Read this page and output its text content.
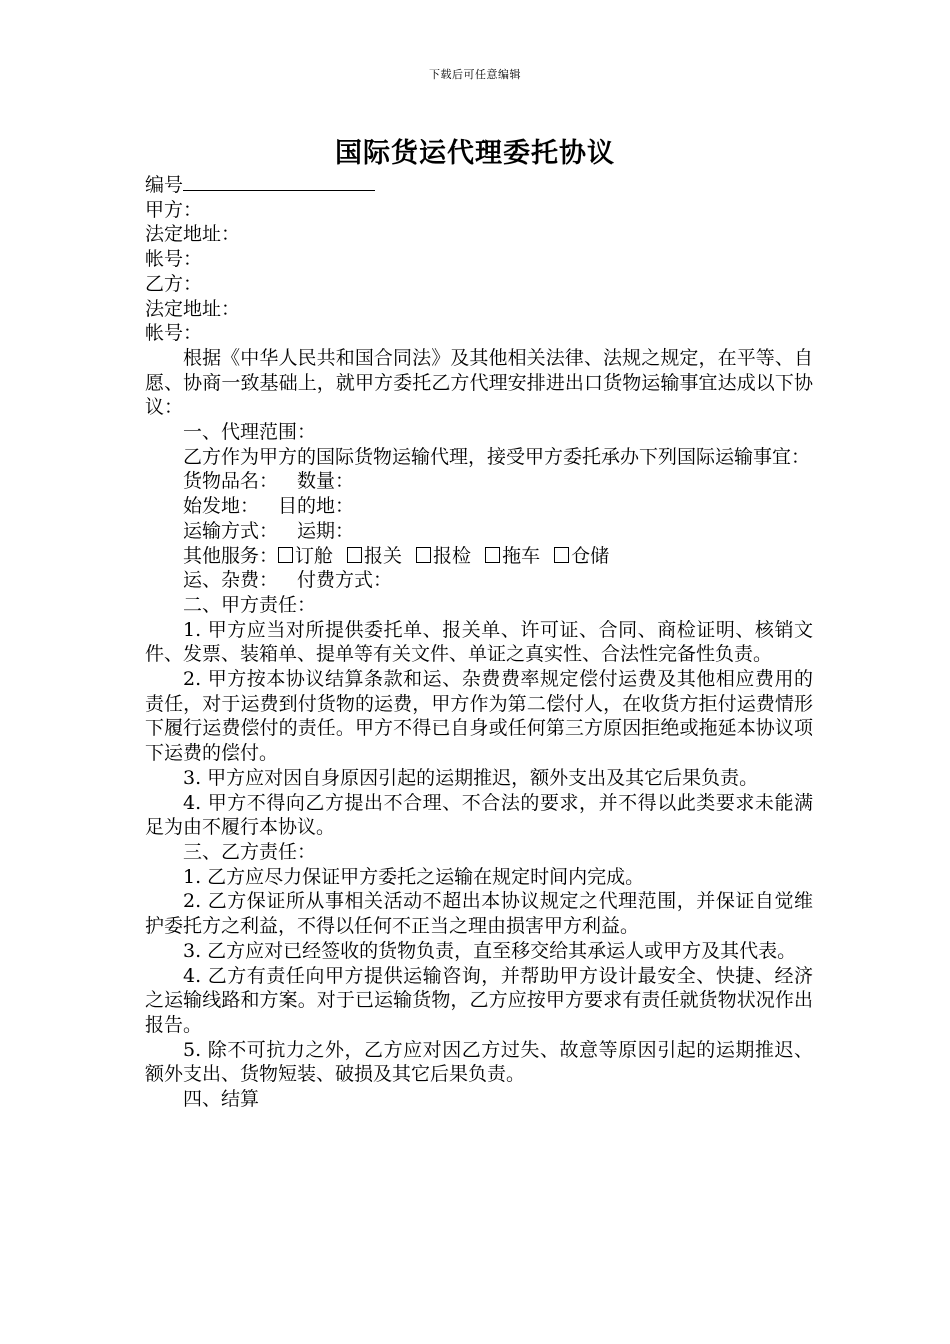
下载后可任意编辑
国际货运代理委托协议
编号
甲方：
法定地址：
帐号：
乙方：
法定地址：
帐号：
根据《中华人民共和国合同法》及其他相关法律、法规之规定，在平等、自愿、协商一致基础上，就甲方委托乙方代理安排进出口货物运输事宜达成以下协议：
一、代理范围：
乙方作为甲方的国际货物运输代理，接受甲方委托承办下列国际运输事宜：
货物品名： 数量：
始发地： 目的地：
运输方式： 运期：
其他服务： 订舱 报关 报检 拖车 仓储
运、杂费： 付费方式：
二、甲方责任：
1. 甲方应当对所提供委托单、报关单、许可证、合同、商检证明、核销文件、发票、装箱单、提单等有关文件、单证之真实性、合法性完备性负责。
2. 甲方按本协议结算条款和运、杂费费率规定偿付运费及其他相应费用的责任，对于运费到付货物的运费，甲方作为第二偿付人，在收货方拒付运费情形下履行运费偿付的责任。甲方不得已自身或任何第三方原因拒绝或拖延本协议项下运费的偿付。
3. 甲方应对因自身原因引起的运期推迟，额外支出及其它后果负责。
4. 甲方不得向乙方提出不合理、不合法的要求，并不得以此类要求未能满足为由不履行本协议。
三、乙方责任：
1. 乙方应尽力保证甲方委托之运输在规定时间内完成。
2. 乙方保证所从事相关活动不超出本协议规定之代理范围，并保证自觉维护委托方之利益，不得以任何不正当之理由损害甲方利益。
3. 乙方应对已经签收的货物负责，直至移交给其承运人或甲方及其代表。
4. 乙方有责任向甲方提供运输咨询，并帮助甲方设计最安全、快捷、经济之运输线路和方案。对于已运输货物，乙方应按甲方要求有责任就货物状况作出报告。
5. 除不可抗力之外，乙方应对因乙方过失、故意等原因引起的运期推迟、额外支出、货物短装、破损及其它后果负责。
四、结算
